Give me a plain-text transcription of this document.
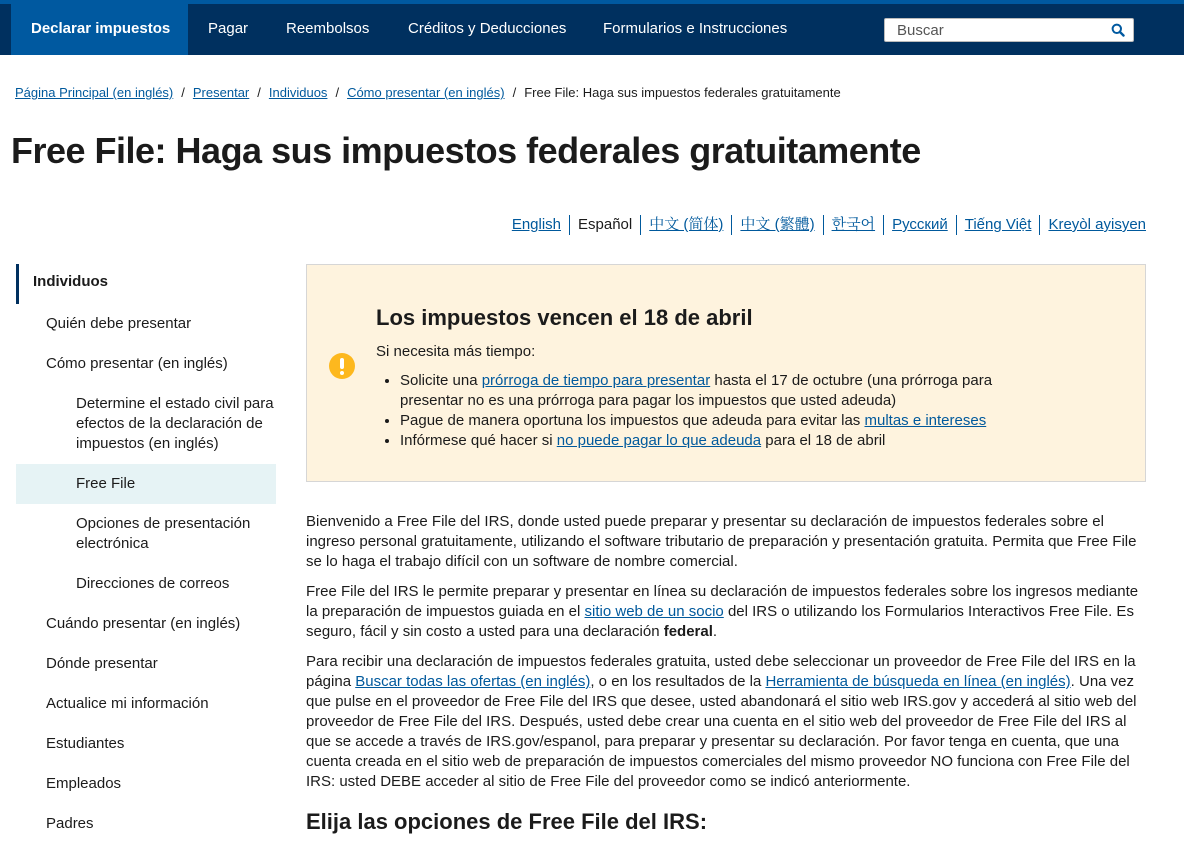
Declarar impuestos	Pagar	Reembolsos	Créditos y Deducciones Formularios e Instrucciones
Buscar
Página Principal (en inglés) / Presentar / Individuos / Cómo presentar (en inglés) / Free File: Haga sus impuestos federales gratuitamente
Free File: Haga sus impuestos federales gratuitamente
English	Español	中文 (简体)	中文 (繁體)	한국어	Русский	Tiếng Việt	Kreyòl ayisyen
Individuos
Quién debe presentar
Cómo presentar (en inglés)
Determine el estado civil para efectos de la declaración de impuestos (en inglés)
Free File
Opciones de presentación electrónica
Direcciones de correos
Cuándo presentar (en inglés)
Dónde presentar
Actualice mi información
Estudiantes
Empleados
Padres
Los impuestos vencen el 18 de abril
Si necesita más tiempo:
• Solicite una prórroga de tiempo para presentar hasta el 17 de octubre (una prórroga para presentar no es una prórroga para pagar los impuestos que usted adeuda)
• Pague de manera oportuna los impuestos que adeuda para evitar las multas e intereses
• Infórmese qué hacer si no puede pagar lo que adeuda para el 18 de abril

Bienvenido a Free File del IRS, donde usted puede preparar y presentar su declaración de impuestos federales sobre el ingreso personal gratuitamente, utilizando el software tributario de preparación y presentación gratuita. Permita que Free File se lo haga el trabajo difícil con un software de nombre comercial.

Free File del IRS le permite preparar y presentar en línea su declaración de impuestos federales sobre los ingresos mediante la preparación de impuestos guiada en el sitio web de un socio del IRS o utilizando los Formularios Interactivos Free File. Es seguro, fácil y sin costo a usted para una declaración federal.

Para recibir una declaración de impuestos federales gratuita, usted debe seleccionar un proveedor de Free File del IRS en la página Buscar todas las ofertas (en inglés), o en los resultados de la Herramienta de búsqueda en línea (en inglés). Una vez que pulse en el proveedor de Free File del IRS que desee, usted abandonará el sitio web IRS.gov y accederá al sitio web del proveedor de Free File del IRS. Después, usted debe crear una cuenta en el sitio web del proveedor de Free File del IRS al que se accede a través de IRS.gov/espanol, para preparar y presentar su declaración. Por favor tenga en cuenta, que una cuenta creada en el sitio web de preparación de impuestos comerciales del mismo proveedor NO funciona con Free File del IRS: usted DEBE acceder al sitio de Free File del proveedor como se indicó anteriormente.

Elija las opciones de Free File del IRS:
